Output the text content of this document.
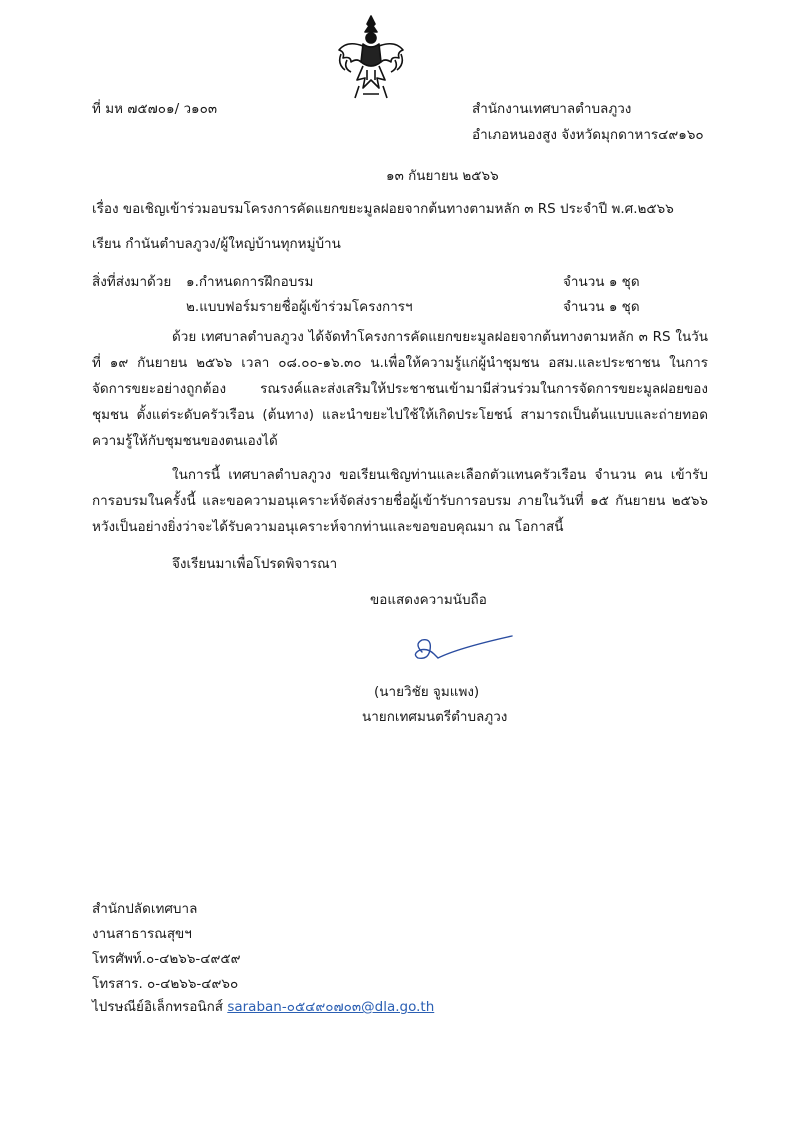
ที่ มห ๗๕๗๐๑/ ว๑๐๓	สำนักงานเทศบาลตำบลภูวง
อำเภอหนองสูง จังหวัดมุกดาหาร๔๙๑๖๐
๑๓ กันยายน ๒๕๖๖
เรื่อง ขอเชิญเข้าร่วมอบรมโครงการคัดแยกขยะมูลฝอยจากต้นทางตามหลัก ๓ RS ประจำปี พ.ศ.๒๕๖๖
เรียน กำนันตำบลภูวง/ผู้ใหญ่บ้านทุกหมู่บ้าน
สิ่งที่ส่งมาด้วย ๑.กำหนดการฝึกอบรม	จำนวน ๑ ชุด
๒.แบบฟอร์มรายชื่อผู้เข้าร่วมโครงการฯ	จำนวน ๑ ชุด
ด้วย เทศบาลตำบลภูวง ได้จัดทำโครงการคัดแยกขยะมูลฝอยจากต้นทางตามหลัก ๓ RS ในวันที่ ๑๙ กันยายน ๒๕๖๖ เวลา ๐๘.๐๐-๑๖.๓๐ น.เพื่อให้ความรู้แก่ผู้นำชุมชน อสม.และประชาชน ในการจัดการขยะอย่างถูกต้อง รณรงค์และส่งเสริมให้ประชาชนเข้ามามีส่วนร่วมในการจัดการขยะมูลฝอยของชุมชน ตั้งแต่ระดับครัวเรือน (ต้นทาง) และนำขยะไปใช้ให้เกิดประโยชน์ สามารถเป็นต้นแบบและถ่ายทอดความรู้ให้กับชุมชนของตนเองได้
ในการนี้ เทศบาลตำบลภูวง ขอเรียนเชิญท่านและเลือกตัวแทนครัวเรือน จำนวน คน เข้ารับการอบรมในครั้งนี้ และขอความอนุเคราะห์จัดส่งรายชื่อผู้เข้ารับการอบรม ภายในวันที่ ๑๕ กันยายน ๒๕๖๖ หวังเป็นอย่างยิ่งว่าจะได้รับความอนุเคราะห์จากท่านและขอขอบคุณมา ณ โอกาสนี้
จึงเรียนมาเพื่อโปรดพิจารณา
ขอแสดงความนับถือ
(นายวิชัย จูมแพง)
นายกเทศมนตรีตำบลภูวง
สำนักปลัดเทศบาล
งานสาธารณสุขฯ
โทรศัพท์.๐-๔๒๖๖-๔๙๕๙
โทรสาร. ๐-๔๒๖๖-๔๙๖๐
ไปรษณีย์อิเล็กทรอนิกส์ saraban-๐๕๔๙๐๗๐๓@dla.go.th
